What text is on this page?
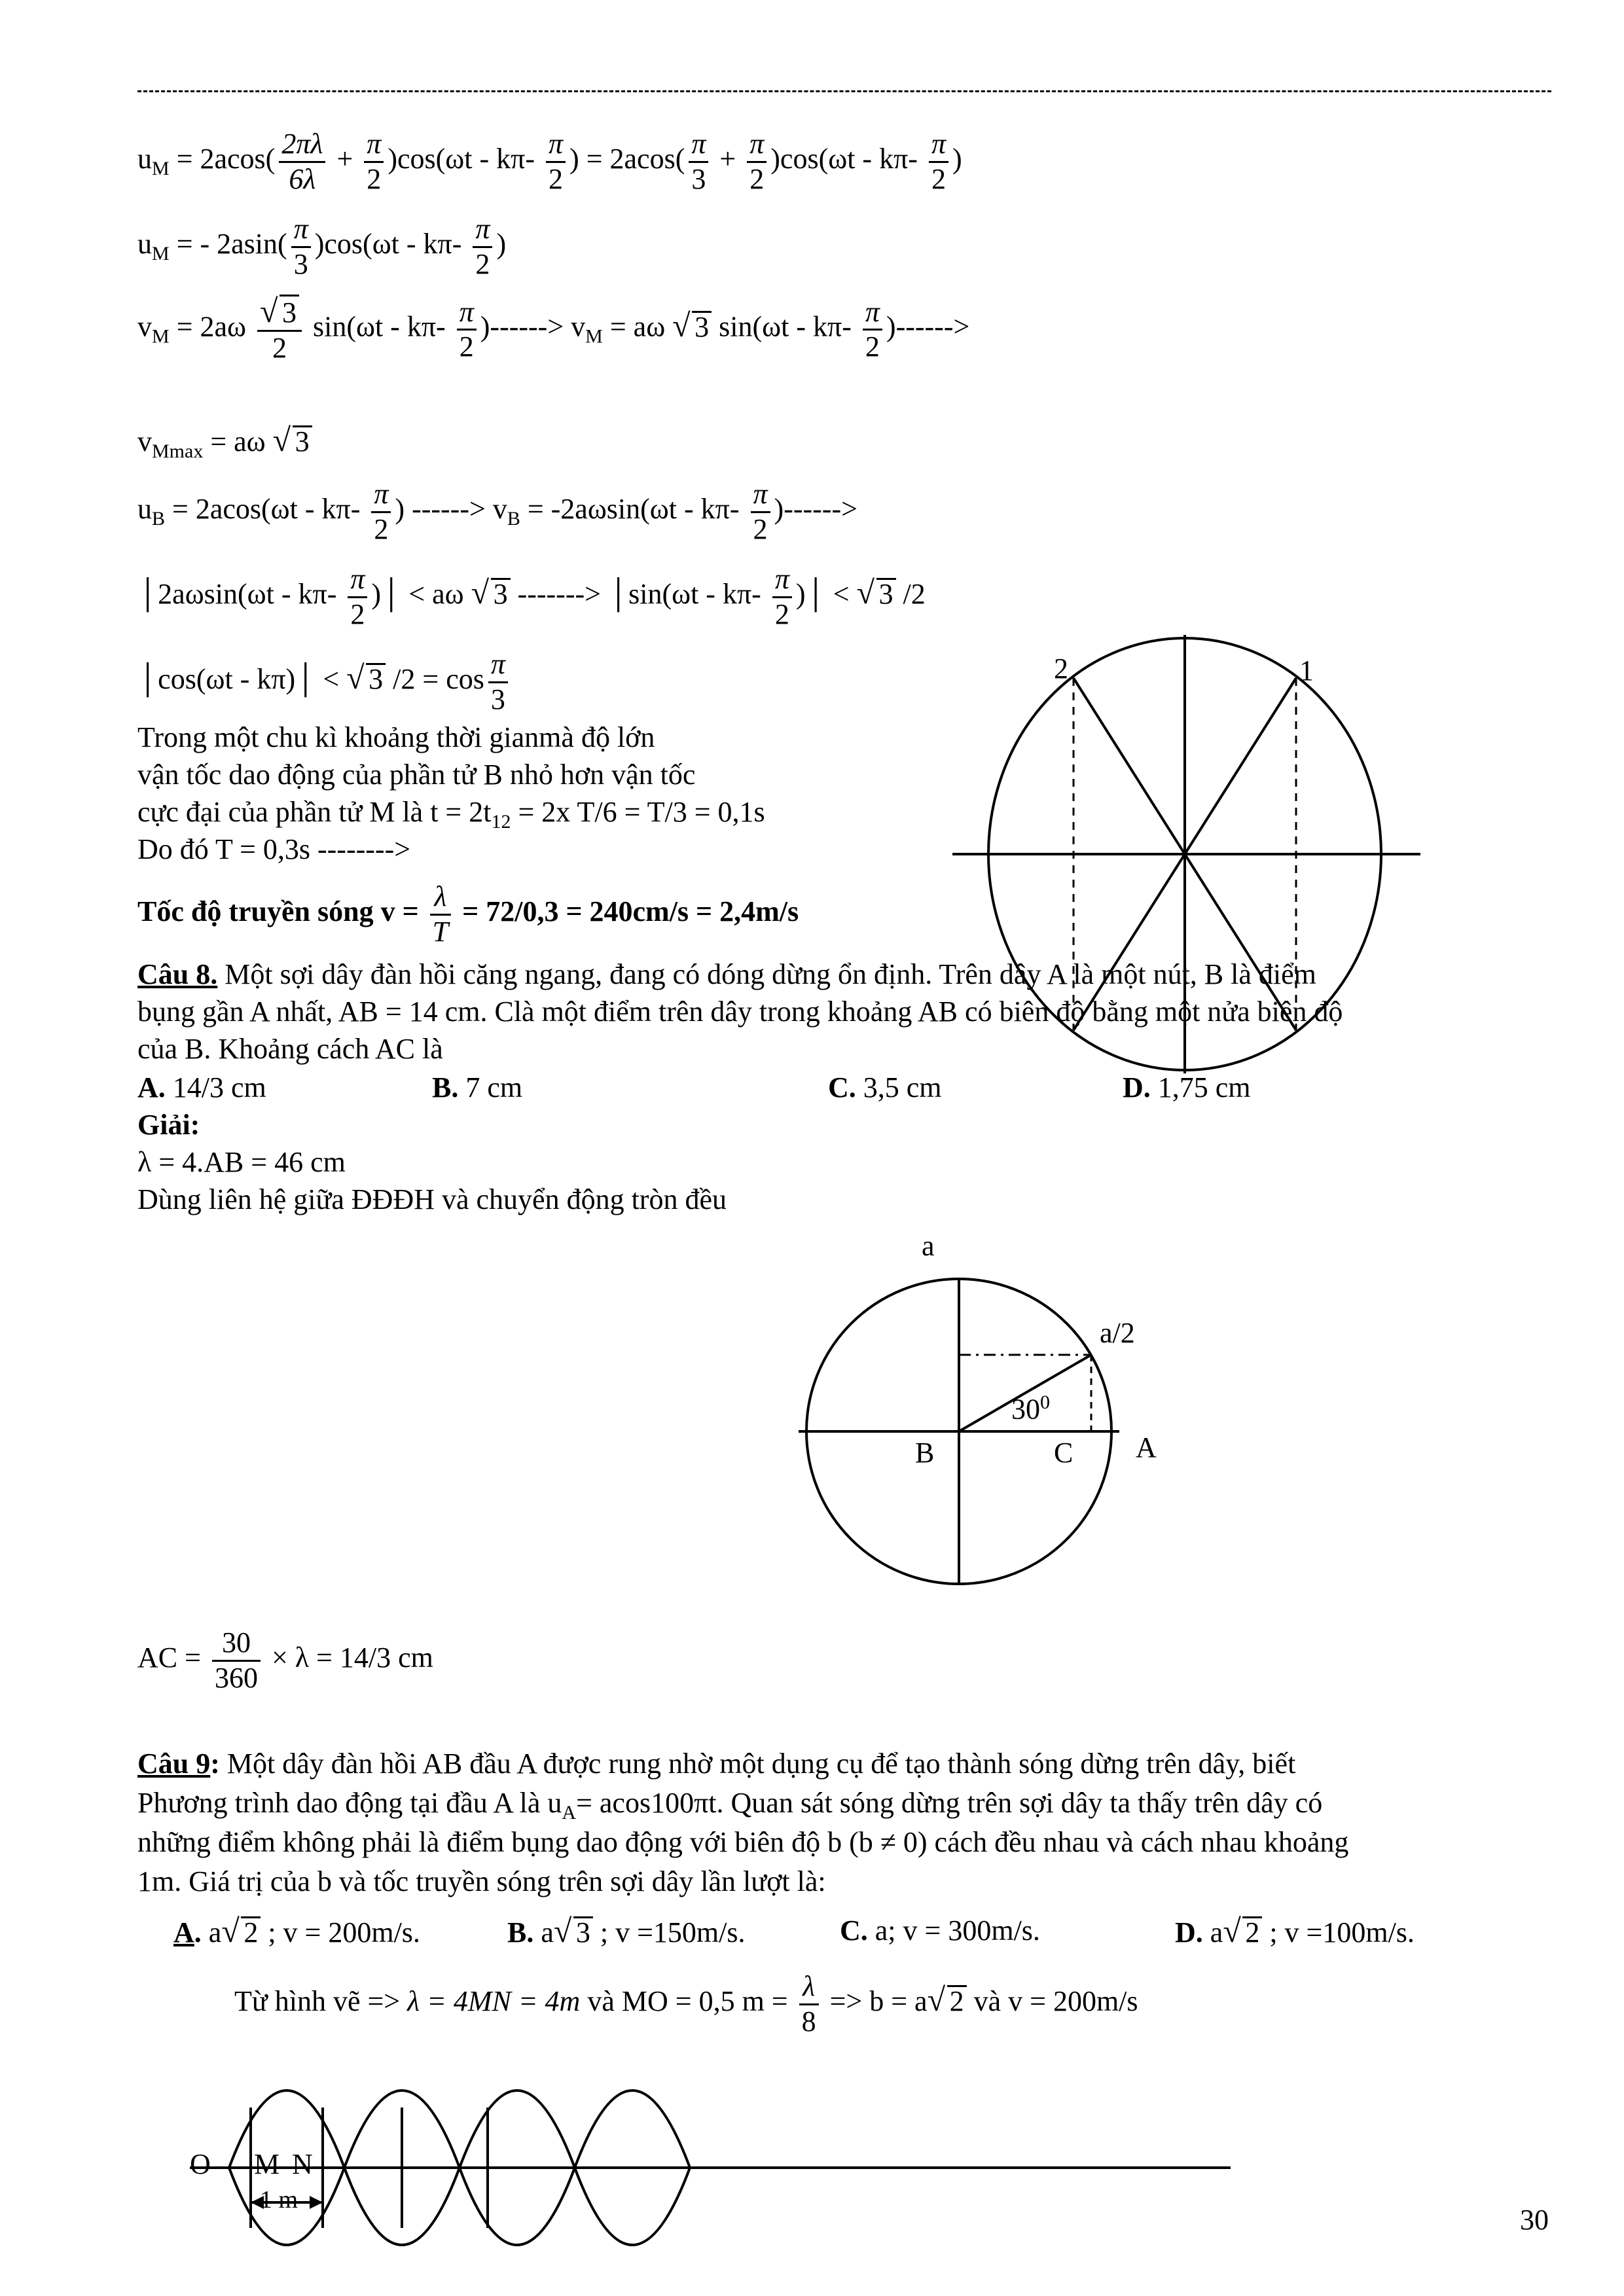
$u_M = 2acos( \frac{2\pi\lambda}{6\lambda} + \frac{\pi}{2} )\cos(\omega t - k\pi- \frac{\pi}{2}$ ) = $2acos( \frac{\pi}{3} + \frac{\pi}{2} )\cos(\omega t - k\pi- \frac{\pi}{2}$ )
$u_M$ = - $2asin( \frac{\pi}{3} )\cos(\omega t - k\pi- \frac{\pi}{2}$ )
$v_M = 2a\omega$
√ $\frac{3}{2} \sin(\omega t - k\pi- \frac{\pi}{2}$ )------> $v_M = a\omega$ √ 3 $\sin(\omega t - k\pi- \frac{\pi}{2}$ )------>
$v_{Mmax} = a\omega$ √ 3
$u_B = 2acos(\omega t - k\pi- \frac{\pi}{2}$ ) ------> $v_B = -2a\omega\sin(\omega t - k\pi- \frac{\pi}{2}$ )------>
│2aωsin(ωt - $k\pi- \frac{\pi}{2}$ )│ < aω √ 3 -------> │sin(ωt - $k\pi- \frac{\pi}{2}$ )│ < √ 3 /2
│cos(ωt - kπ)│ < √ 3 $/2 = \cos \frac{\pi}{3}$
Trong một chu kì khoảng thời gianmà độ lớn
vận tốc dao động của phần tử B nhỏ hơn vận tốc
cực đại của phần tử M là $t = 2t_{12} = 2x$ T/6 = T/3 = 0,1s
Do đó T = 0,3s -------->
Tốc độ truyền sóng $v = \frac{\lambda}{T} = 72/0,3 = 240cm/s = 2,4m/s$
2	1
Câu 8. Một sợi dây đàn hồi căng ngang, đang có dóng dừng ổn định. Trên dây A là một nút, B là điểm
bụng gần A nhất, AB = 14 cm. Clà một điểm trên dây trong khoảng AB có biên độ bằng một nửa biên độ
của B. Khoảng cách AC là
A. 14/3 cm	B. 7 cm	C. 3,5 cm	D. 1,75 cm
Giải:
λ = 4.AB = 46 cm
Dùng liên hệ giữa ĐĐĐH và chuyển động tròn đều
a
a/2
$30^0$
B	C A
AC = $\frac{30}{360} \times \lambda = 14/3$ cm
Câu 9: Một dây đàn hồi AB đầu A được rung nhờ một dụng cụ để tạo thành sóng dừng trên dây, biết
Phương trình dao động tại đầu A là $u_A= acos100\pi t$. Quan sát sóng dừng trên sợi dây ta thấy trên dây có
những điểm không phải là điểm bụng dao động với biên độ b (b ≠ 0) cách đều nhau và cách nhau khoảng
1m. Giá trị của b và tốc truyền sóng trên sợi dây lần lượt là:
A. a√ 2 ; v = 200m/s.	B. a√ 3 ; v =150m/s.	C. a; v = 300m/s.	D. a√ 2 ; v =100m/s.
Từ hình vẽ => λ = 4MN = 4m và MO = 0,5 $m = \frac{\lambda}{8} => b = a√$ 2 và v = 200m/s
O M N
1 m
30
